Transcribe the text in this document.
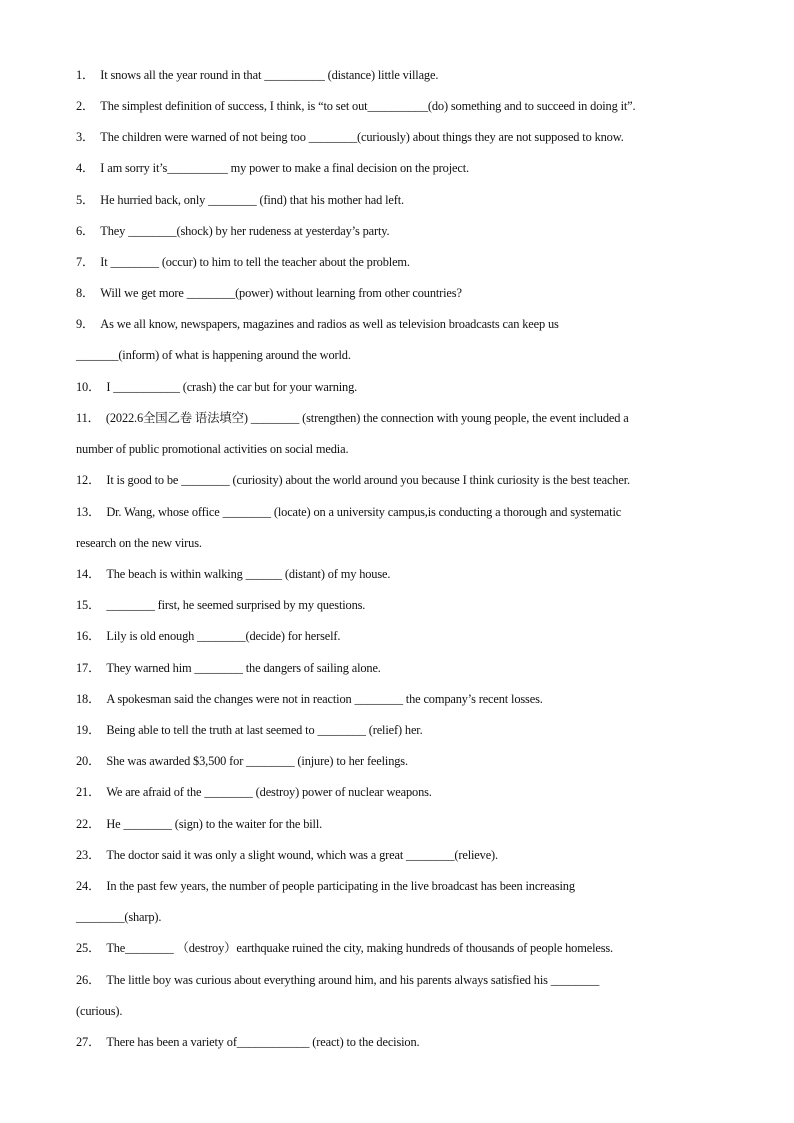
1． It snows all the year round in that __________ (distance) little village.
2． The simplest definition of success, I think, is “to set out__________(do) something and to succeed in doing it”.
3． The children were warned of not being too ________(curiously) about things they are not supposed to know.
4． I am sorry it’s__________ my power to make a final decision on the project.
5． He hurried back, only ________ (find) that his mother had left.
6． They ________(shock) by her rudeness at yesterday’s party.
7． It ________ (occur) to him to tell the teacher about the problem.
8． Will we get more ________(power) without learning from other countries?
9． As we all know, newspapers, magazines and radios as well as television broadcasts can keep us
_______(inform) of what is happening around the world.
10． I ___________ (crash) the car but for your warning.
11． (2022.6全国乙卷 语法填空) ________ (strengthen) the connection with young people, the event included a
number of public promotional activities on social media.
12． It is good to be ________ (curiosity) about the world around you because I think curiosity is the best teacher.
13． Dr. Wang, whose office ________ (locate) on a university campus,is conducting a thorough and systematic
research on the new virus.
14． The beach is within walking ______ (distant) of my house.
15． ________ first, he seemed surprised by my questions.
16． Lily is old enough ________(decide) for herself.
17． They warned him ________ the dangers of sailing alone.
18． A spokesman said the changes were not in reaction ________ the company’s recent losses.
19． Being able to tell the truth at last seemed to ________ (relief) her.
20． She was awarded $3,500 for ________ (injure) to her feelings.
21． We are afraid of the ________ (destroy) power of nuclear weapons.
22． He ________ (sign) to the waiter for the bill.
23． The doctor said it was only a slight wound, which was a great ________(relieve).
24． In the past few years, the number of people participating in the live broadcast has been increasing
________(sharp).
25． The________ （destroy）earthquake ruined the city, making hundreds of thousands of people homeless.
26． The little boy was curious about everything around him, and his parents always satisfied his ________
(curious).
27． There has been a variety of____________ (react) to the decision.
